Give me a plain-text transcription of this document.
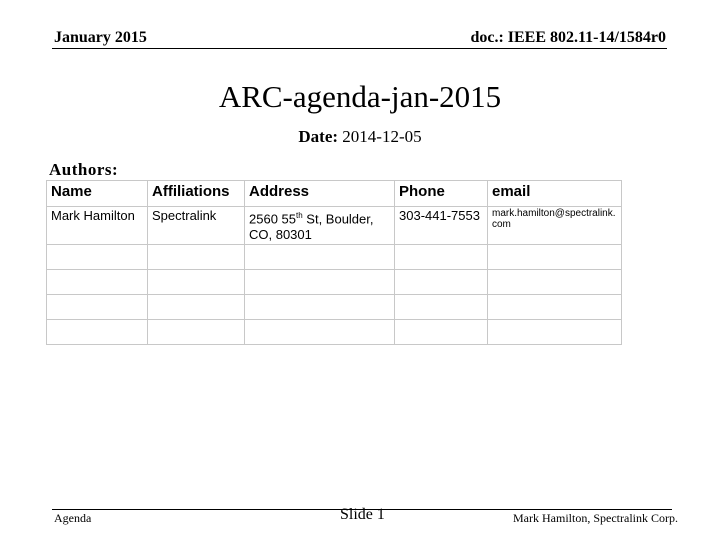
January 2015	doc.: IEEE 802.11-14/1584r0
ARC-agenda-jan-2015
Date: 2014-12-05
Authors:
Name	Affiliations	Address	Phone	email
Mark Hamilton	Spectralink	2560 55th St, Boulder, CO, 80301	303-441-7553	mark.hamilton@spectralink.com

Agenda	Slide 1	Mark Hamilton, Spectralink Corp.
